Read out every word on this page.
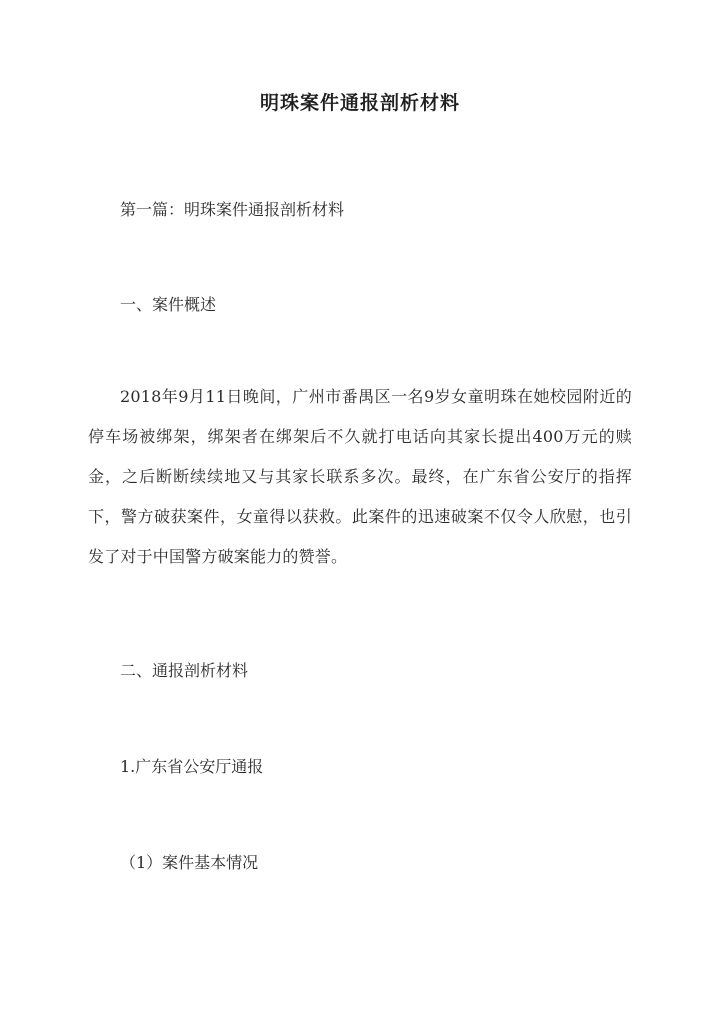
明珠案件通报剖析材料
第一篇：明珠案件通报剖析材料
一、案件概述
2018年9月11日晚间，广州市番禺区一名9岁女童明珠在她校园附近的停车场被绑架，绑架者在绑架后不久就打电话向其家长提出400万元的赎金，之后断断续续地又与其家长联系多次。最终，在广东省公安厅的指挥下，警方破获案件，女童得以获救。此案件的迅速破案不仅令人欣慰，也引发了对于中国警方破案能力的赞誉。
二、通报剖析材料
1.广东省公安厅通报
（1）案件基本情况
